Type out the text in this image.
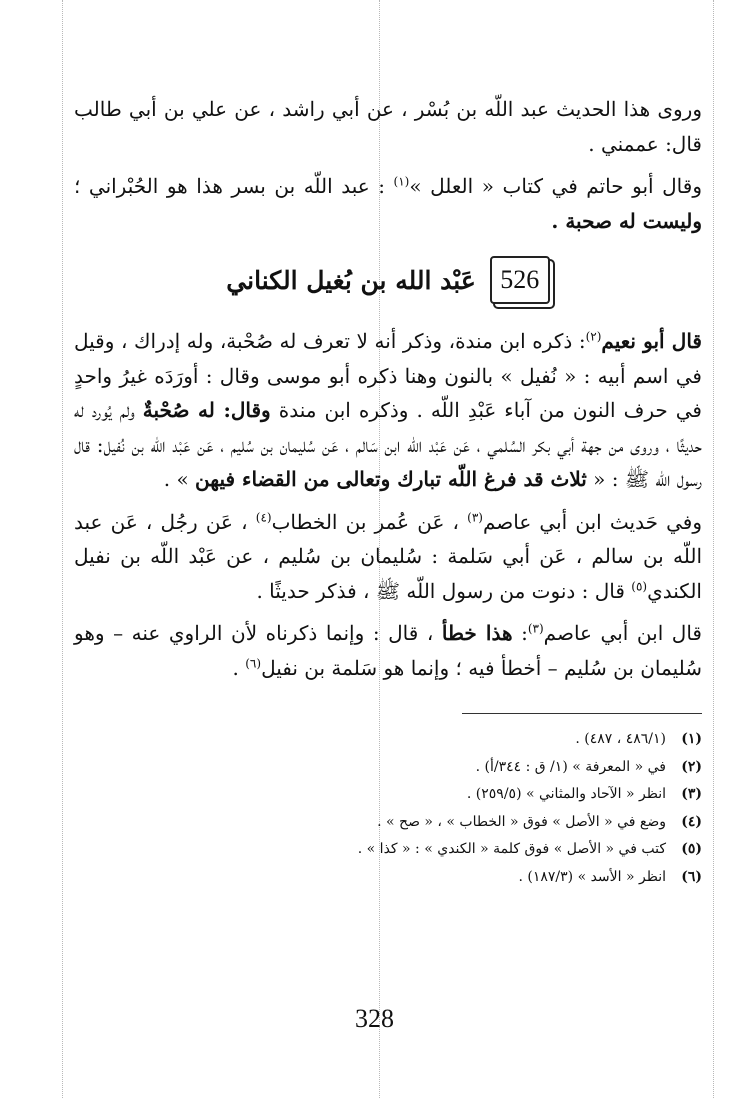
وروى هذا الحديث عبد اللّه بن بُسْر ، عن أبي راشد ، عن علي بن أبي طالب قال: عممني .

وقال أبو حاتم في كتاب « العلل »$^{(١)}$ : عبد اللّه بن بسر هذا هو الحُبْراني ؛ وليست له صحبة .

526
عَبْد الله بن بُغيل الكناني

قال أبو نعيم$^{(٢)}$: ذكره ابن مندة، وذكر أنه لا تعرف له صُحْبة، وله إدراك ، وقيل في اسم أبيه : « نُفيل » بالنون وهنا ذكره أبو موسى وقال : أورَدَه غيرُ واحدٍ في حرف النون من آباء عَبْدِ اللّه . وذكره ابن مندة وقال: له صُحْبةٌ ولم يُورد له حديثًا ، وروى من جهة أبي بكر السُلمي ، عَن عَبْد اللّه ابن سَالم ، عَن سُليمان بن سُليم ، عَن عَبْد اللّه بن نُفيل: قال رسول اللّه ﷺ : « ثلاث قد فرغ اللّه تبارك وتعالى من القضاء فيهن » .

وفي حَديث ابن أبي عاصم$^{(٣)}$ ، عَن عُمر بن الخطاب$^{(٤)}$ ، عَن رجُل ، عَن عبد اللّه بن سالم ، عَن أبي سَلمة : سُليمان بن سُليم ، عن عَبْد اللّه بن نفيل الكندي$^{(٥)}$ قال : دنوت من رسول اللّه ﷺ ، فذكر حديثًا .

قال ابن أبي عاصم$^{(٣)}$: هذا خطأ ، قال : وإنما ذكرناه لأن الراوي عنه – وهو سُليمان بن سُليم – أخطأ فيه ؛ وإنما هو سَلمة بن نفيل$^{(٦)}$ .

(١)
(٤٨٦/١ ، ٤٨٧) .
(٢)
في « المعرفة » (١/ ق : ٣٤٤/أ) .
(٣)
انظر « الآحاد والمثاني » (٢٥٩/٥) .
(٤)
وضع في « الأصل » فوق « الخطاب » ، « صح » .
(٥)
كتب في « الأصل » فوق كلمة « الكندي » : « كذا » .
(٦)
انظر « الأسد » (١٨٧/٣) .
328
